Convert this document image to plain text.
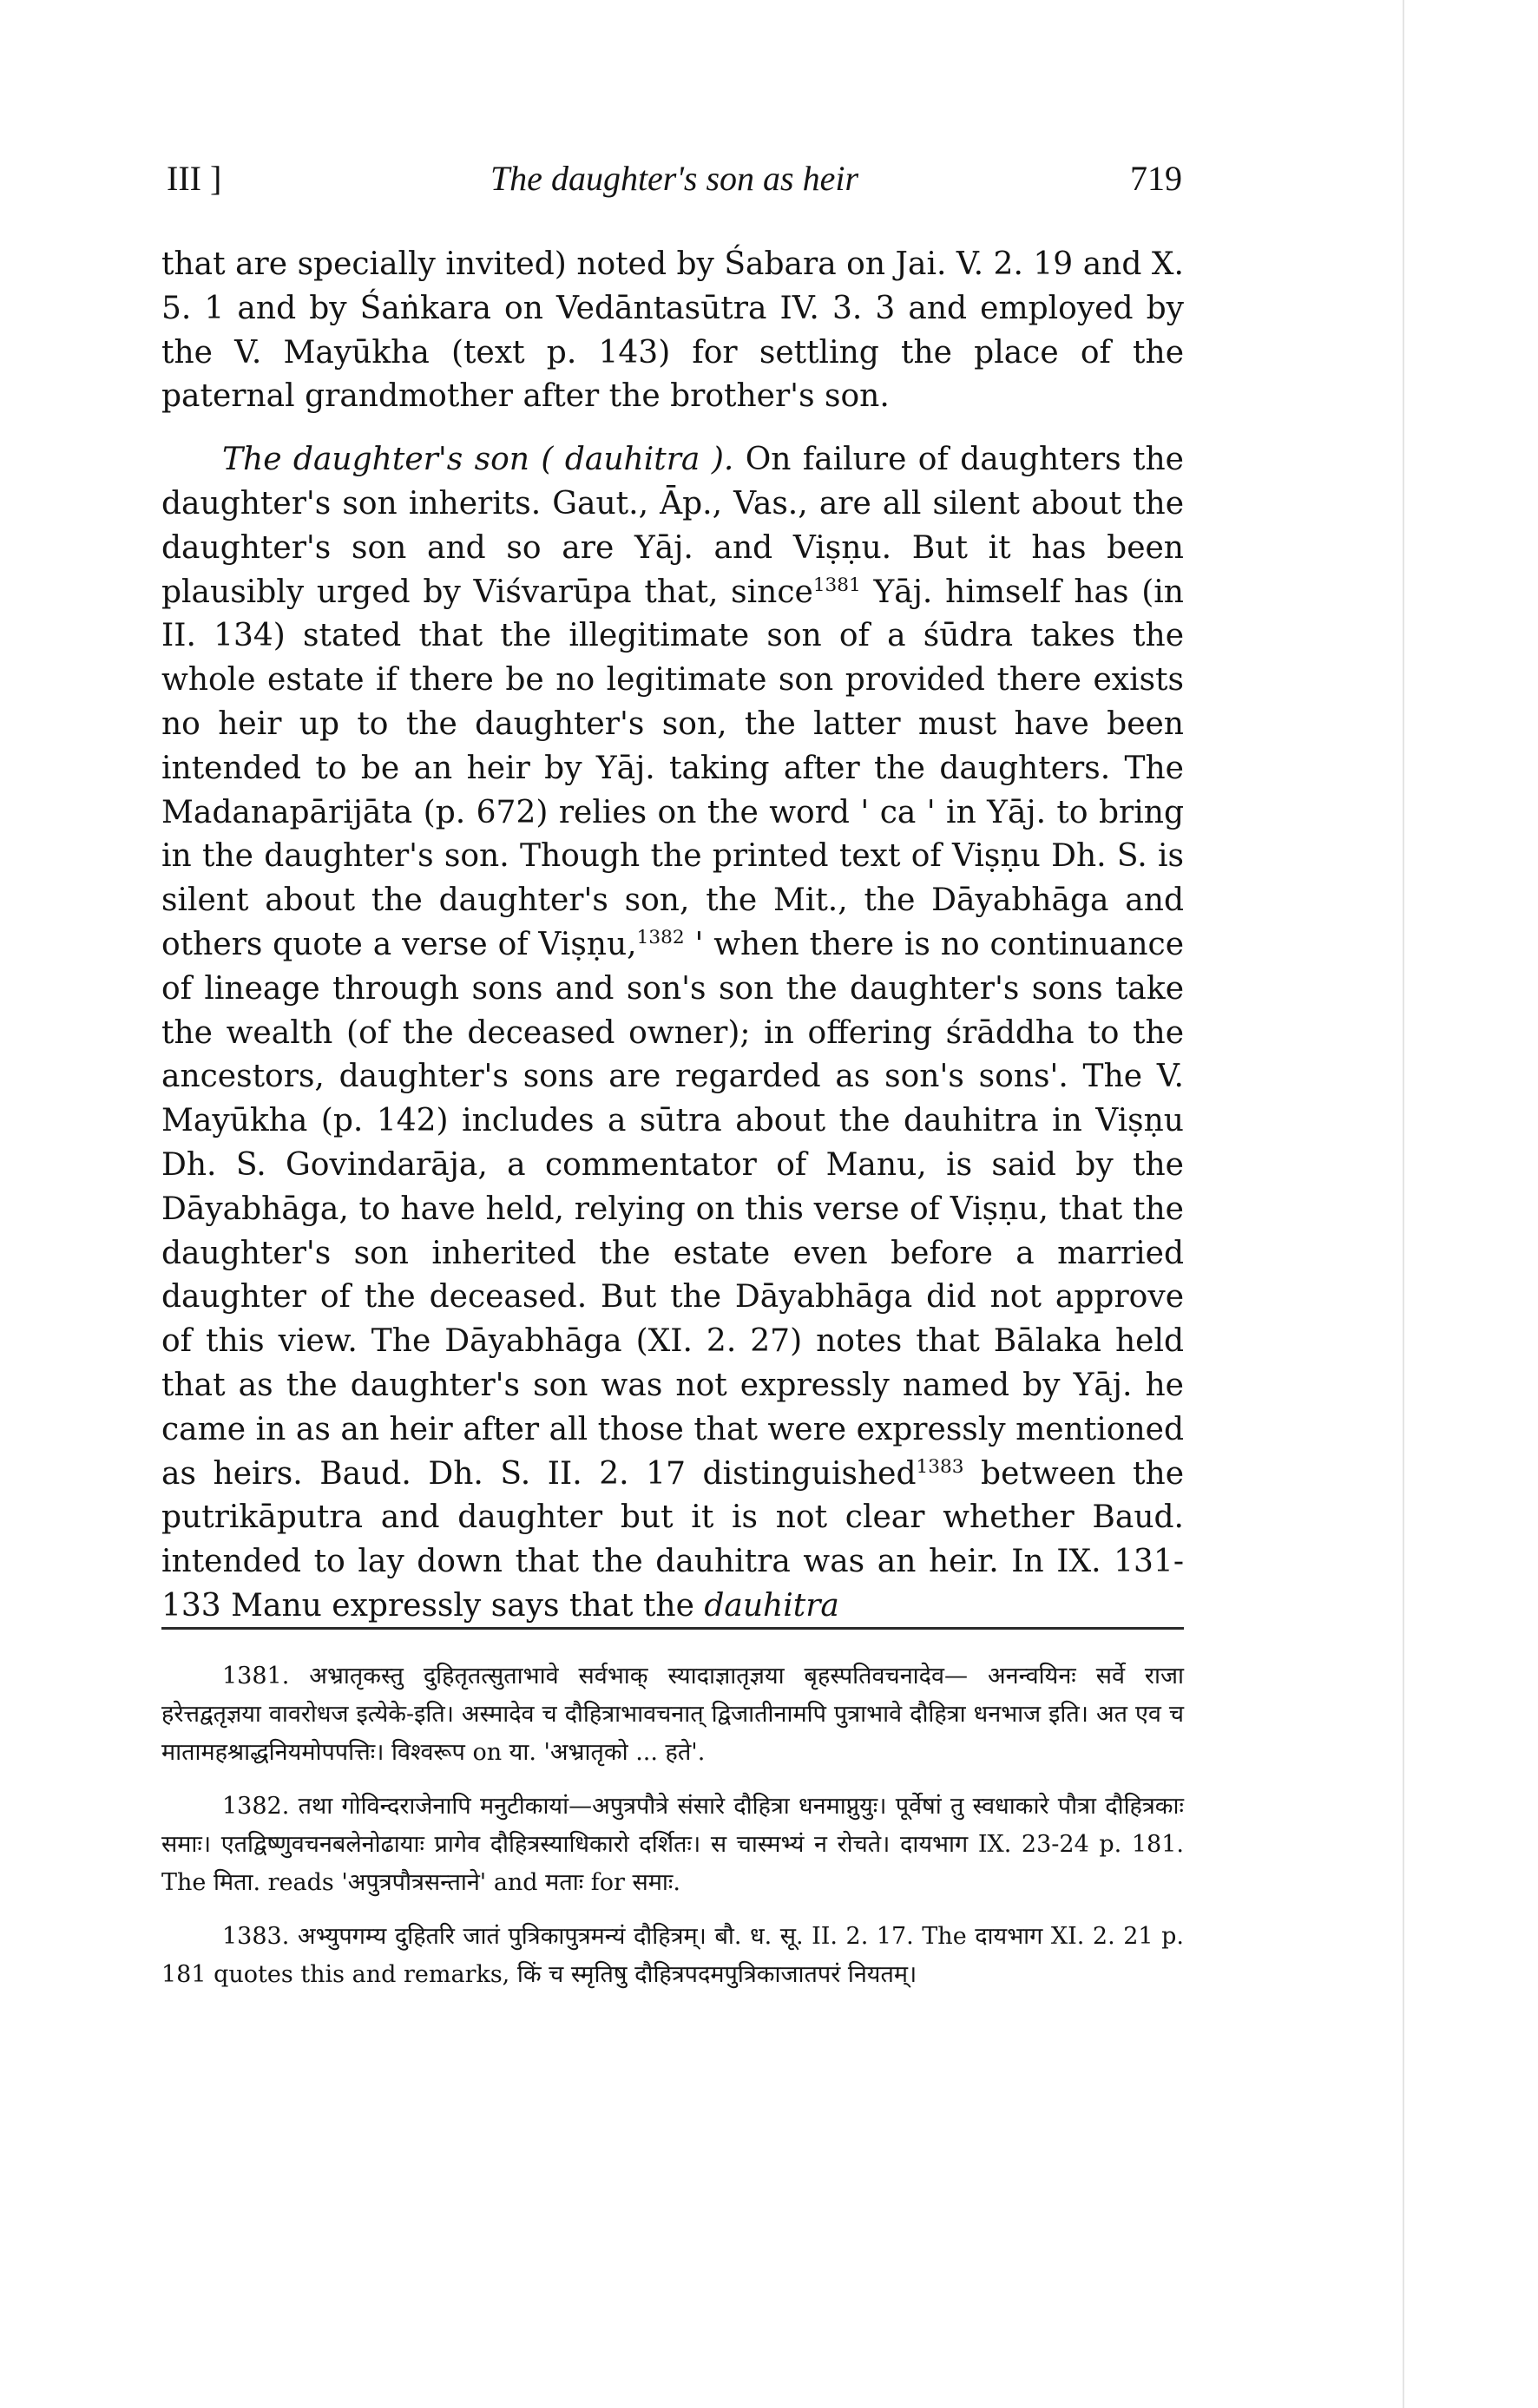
III ]	The daughter's son as heir	719

that are specially invited) noted by Śabara on Jai. V. 2. 19 and X. 5. 1 and by Śaṅkara on Vedāntasūtra IV. 3. 3 and employed by the V. Mayūkha (text p. 143) for settling the place of the paternal grandmother after the brother's son.

The daughter's son ( dauhitra ). On failure of daughters the daughter's son inherits. Gaut., Āp., Vas., are all silent about the daughter's son and so are Yāj. and Viṣṇu. But it has been plausibly urged by Viśvarūpa that, since$^{1381}$ Yāj. himself has (in II. 134) stated that the illegitimate son of a śūdra takes the whole estate if there be no legitimate son provided there exists no heir up to the daughter's son, the latter must have been intended to be an heir by Yāj. taking after the daughters. The Madanapārijāta (p. 672) relies on the word ' ca ' in Yāj. to bring in the daughter's son. Though the printed text of Viṣṇu Dh. S. is silent about the daughter's son, the Mit., the Dāyabhāga and others quote a verse of Viṣṇu,$^{1382}$ ' when there is no continuance of lineage through sons and son's son the daughter's sons take the wealth (of the deceased owner); in offering śrāddha to the ancestors, daughter's sons are regarded as son's sons'. The V. Mayūkha (p. 142) includes a sūtra about the dauhitra in Viṣṇu Dh. S. Govindarāja, a commentator of Manu, is said by the Dāyabhāga, to have held, relying on this verse of Viṣṇu, that the daughter's son inherited the estate even before a married daughter of the deceased. But the Dāyabhāga did not approve of this view. The Dāyabhāga (XI. 2. 27) notes that Bālaka held that as the daughter's son was not expressly named by Yāj. he came in as an heir after all those that were expressly mentioned as heirs. Baud. Dh. S. II. 2. 17 distinguished$^{1383}$ between the putrikāputra and daughter but it is not clear whether Baud. intended to lay down that the dauhitra was an heir. In IX. 131-133 Manu expressly says that the dauhitra

1381. अभ्रातृकस्तु दुहितृतत्सुताभावे सर्वभाक् स्यादाज्ञातृज्ञया बृहस्पतिवचनादेव— अनन्वयिनः सर्वे राजा हरेत्तद्वतृज्ञया वावरोधज इत्येके-इति। अस्मादेव च दौहित्राभावचनात् द्विजातीनामपि पुत्राभावे दौहित्रा धनभाज इति। अत एव च मातामहश्राद्धनियमोपपत्तिः। विश्वरूप on या. 'अभ्रातृको ... हते'.

1382. तथा गोविन्दराजेनापि मनुटीकायां—अपुत्रपौत्रे संसारे दौहित्रा धनमाप्नुयुः। पूर्वेषां तु स्वधाकारे पौत्रा दौहित्रकाः समाः। एतद्विष्णुवचनबलेनोढायाः प्रागेव दौहित्रस्याधिकारो दर्शितः। स चास्मभ्यं न रोचते। दायभाग IX. 23-24 p. 181. The मिता. reads 'अपुत्रपौत्रसन्ताने' and मताः for समाः.

1383. अभ्युपगम्य दुहितरि जातं पुत्रिकापुत्रमन्यं दौहित्रम्। बौ. ध. सू. II. 2. 17. The दायभाग XI. 2. 21 p. 181 quotes this and remarks, किं च स्मृतिषु दौहित्रपदमपुत्रिकाजातपरं नियतम्।
